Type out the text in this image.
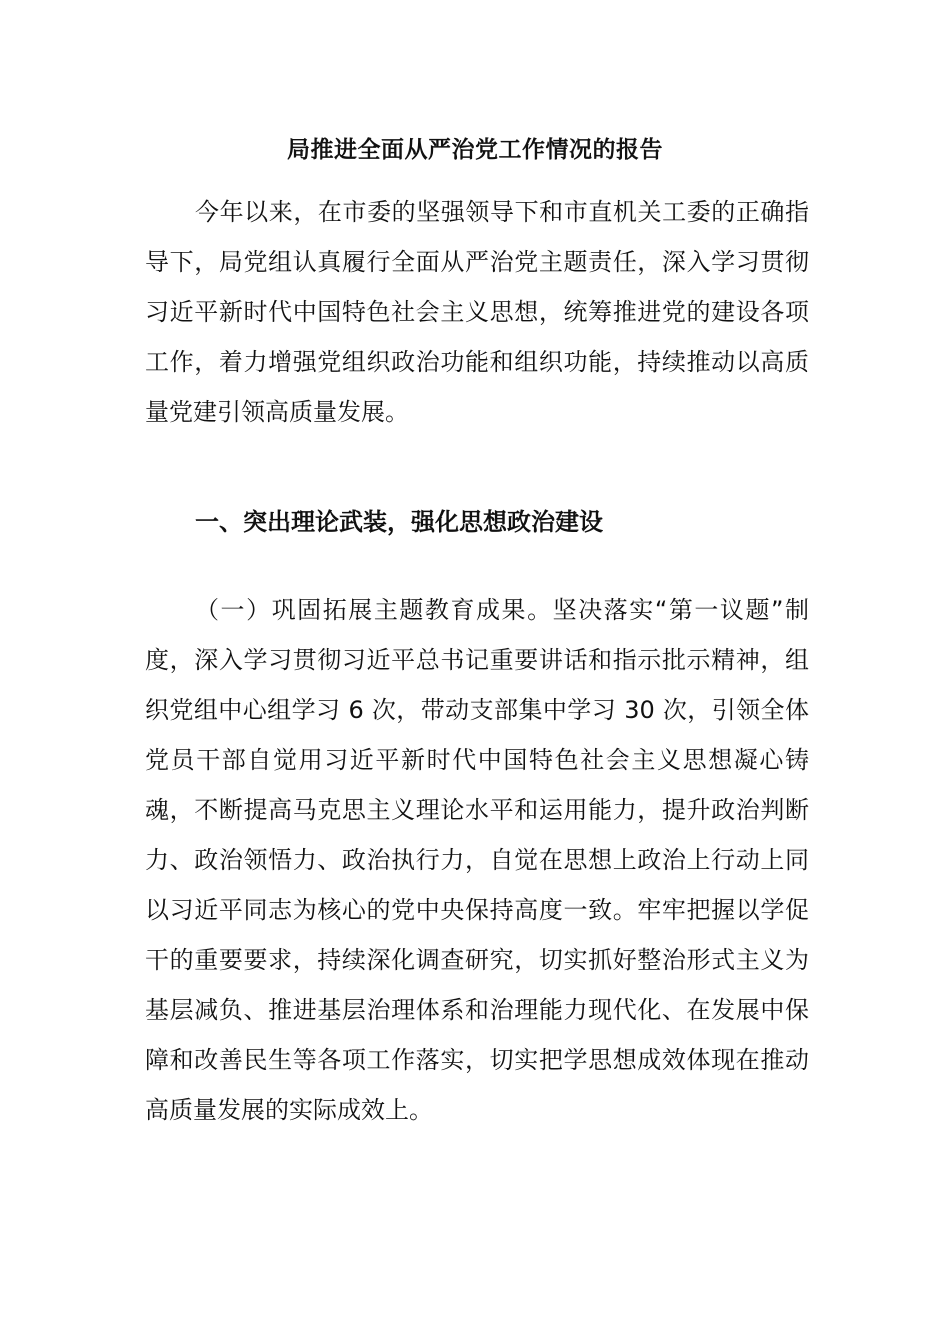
局推进全面从严治党工作情况的报告

今年以来，在市委的坚强领导下和市直机关工委的正确指导下，局党组认真履行全面从严治党主题责任，深入学习贯彻习近平新时代中国特色社会主义思想，统筹推进党的建设各项工作，着力增强党组织政治功能和组织功能，持续推动以高质量党建引领高质量发展。

一、突出理论武装，强化思想政治建设

（一）巩固拓展主题教育成果。坚决落实“第一议题”制度，深入学习贯彻习近平总书记重要讲话和指示批示精神，组织党组中心组学习 6 次，带动支部集中学习 30 次，引领全体党员干部自觉用习近平新时代中国特色社会主义思想凝心铸魂，不断提高马克思主义理论水平和运用能力，提升政治判断力、政治领悟力、政治执行力，自觉在思想上政治上行动上同以习近平同志为核心的党中央保持高度一致。牢牢把握以学促干的重要要求，持续深化调查研究，切实抓好整治形式主义为基层减负、推进基层治理体系和治理能力现代化、在发展中保障和改善民生等各项工作落实，切实把学思想成效体现在推动高质量发展的实际成效上。
